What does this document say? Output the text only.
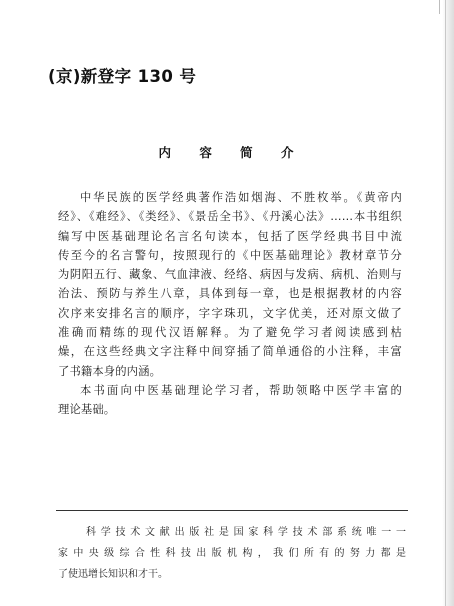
(京)新登字 130 号
内 容 简 介
中华民族的医学经典著作浩如烟海、不胜枚举。《黄帝内
经》、《难经》、《类经》、《景岳全书》、《丹溪心法》……本书组织
编写中医基础理论名言名句读本，包括了医学经典书目中流
传至今的名言警句，按照现行的《中医基础理论》教材章节分
为阴阳五行、藏象、气血津液、经络、病因与发病、病机、治则与
治法、预防与养生八章，具体到每一章，也是根据教材的内容
次序来安排名言的顺序，字字珠玑，文字优美，还对原文做了
准确而精练的现代汉语解释。为了避免学习者阅读感到枯
燥，在这些经典文字注释中间穿插了简单通俗的小注释，丰富
了书籍本身的内涵。
本书面向中医基础理论学习者，帮助领略中医学丰富的
理论基础。
科学技术文献出版社是国家科学技术部系统唯一一
家中央级综合性科技出版机构，我们所有的努力都是
了使迅增长知识和才干。
